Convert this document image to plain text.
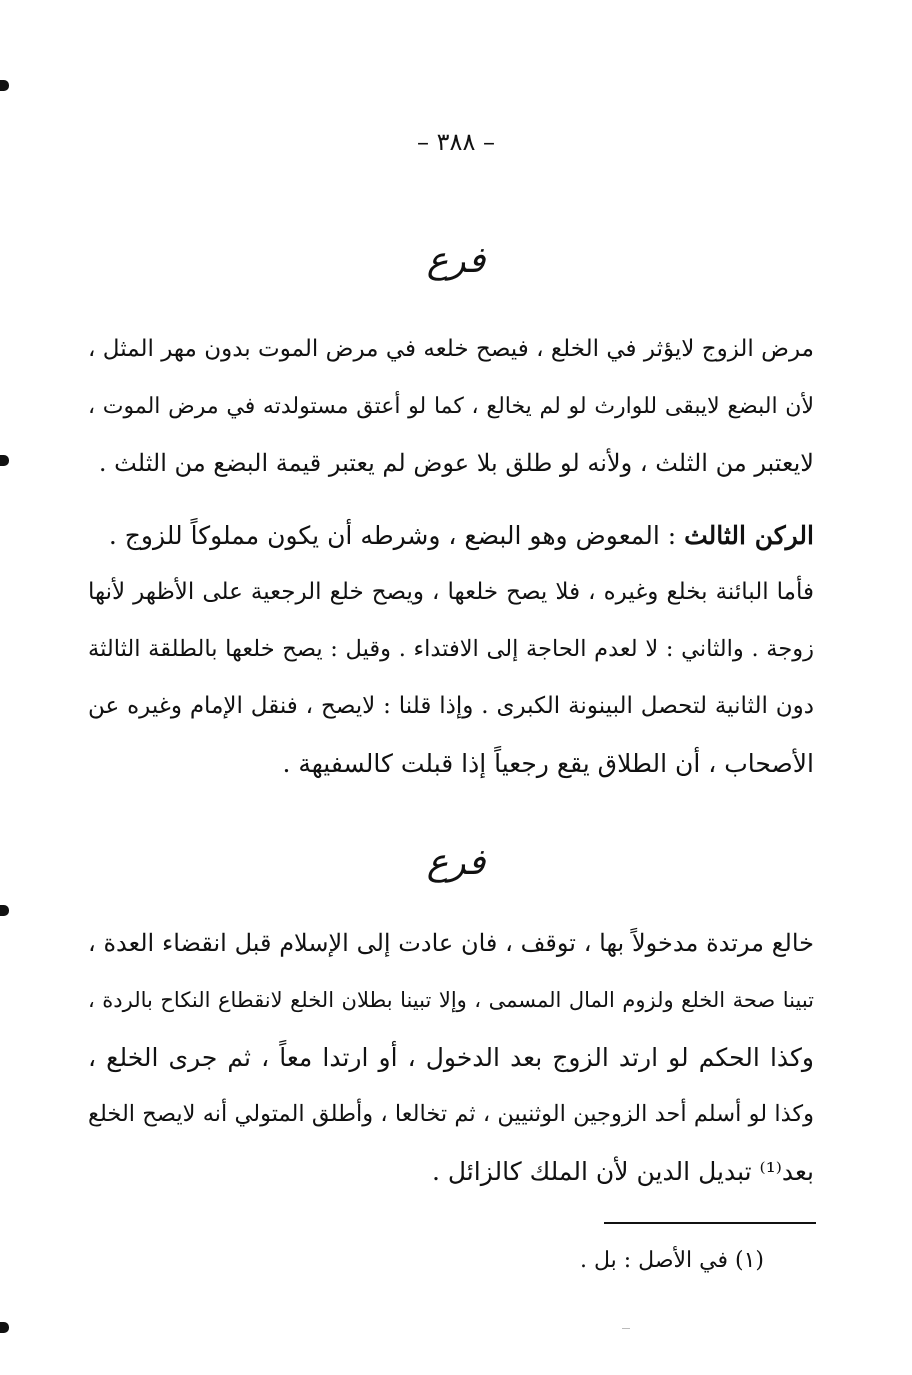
– ٣٨٨ –
فرع
مرض الزوج لايؤثر في الخلع ، فيصح خلعه في مرض الموت بدون مهر المثل ،
لأن البضع لايبقى للوارث لو لم يخالع ، كما لو أعتق مستولدته في مرض الموت ،
لايعتبر من الثلث ، ولأنه لو طلق بلا عوض لم يعتبر قيمة البضع من الثلث .
الركن الثالث : المعوض وهو البضع ، وشرطه أن يكون مملوكاً للزوج .
فأما البائنة بخلع وغيره ، فلا يصح خلعها ، ويصح خلع الرجعية على الأظهر لأنها
زوجة . والثاني : لا لعدم الحاجة إلى الافتداء . وقيل : يصح خلعها بالطلقة الثالثة
دون الثانية لتحصل البينونة الكبرى . وإذا قلنا : لايصح ، فنقل الإمام وغيره عن
الأصحاب ، أن الطلاق يقع رجعياً إذا قبلت كالسفيهة .
فرع
خالع مرتدة مدخولاً بها ، توقف ، فان عادت إلى الإسلام قبل انقضاء العدة ،
تبينا صحة الخلع ولزوم المال المسمى ، وإلا تبينا بطلان الخلع لانقطاع النكاح بالردة ،
وكذا الحكم لو ارتد الزوج بعد الدخول ، أو ارتدا معاً ، ثم جرى الخلع ،
وكذا لو أسلم أحد الزوجين الوثنيين ، ثم تخالعا ، وأطلق المتولي أنه لايصح الخلع
بعد⁽¹⁾ تبديل الدين لأن الملك كالزائل .
(١) في الأصل : بل .
